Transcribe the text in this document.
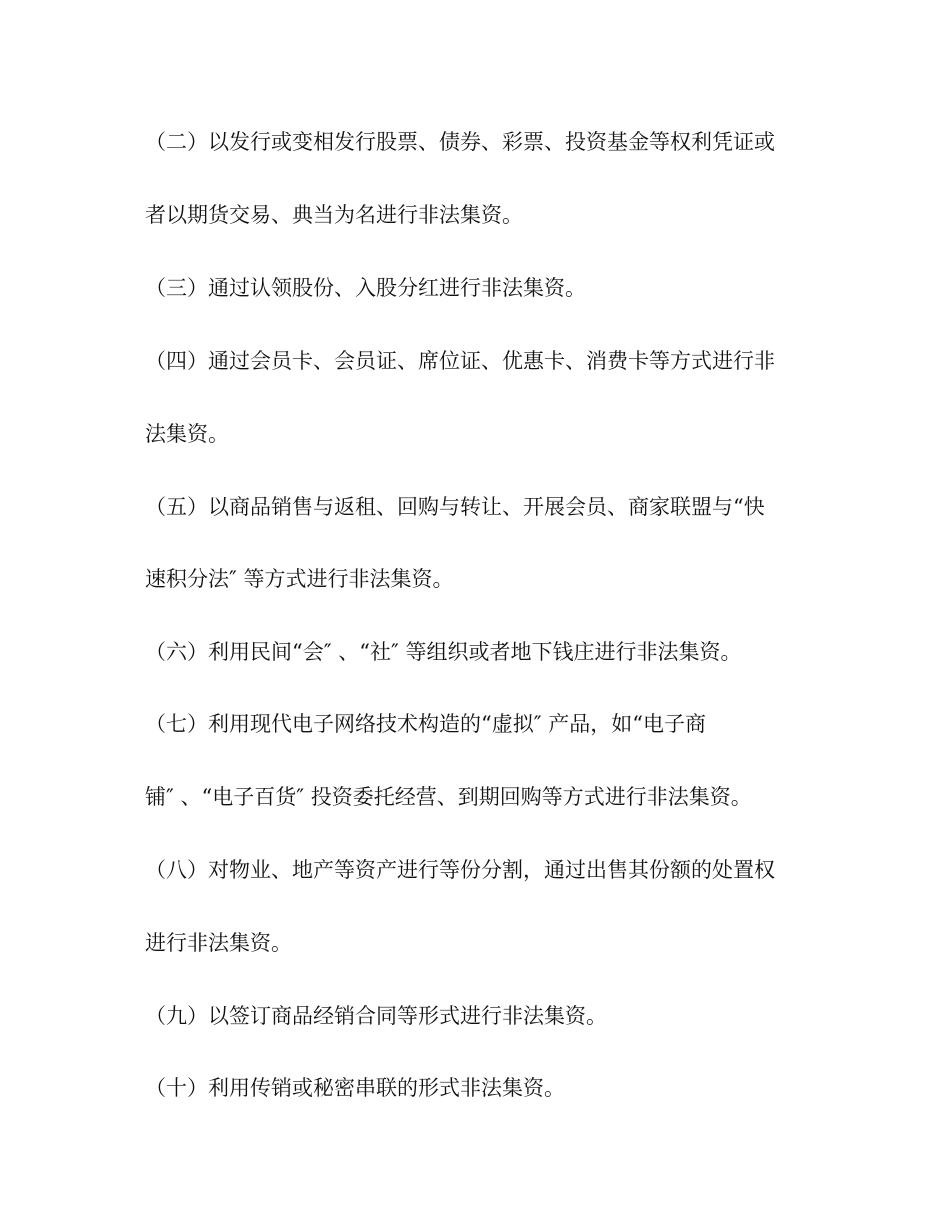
（二）以发行或变相发行股票、债券、彩票、投资基金等权利凭证或
者以期货交易、典当为名进行非法集资。
（三）通过认领股份、入股分红进行非法集资。
（四）通过会员卡、会员证、席位证、优惠卡、消费卡等方式进行非
法集资。
（五）以商品销售与返租、回购与转让、开展会员、商家联盟与“快
速积分法″ 等方式进行非法集资。
（六）利用民间“会″ 、“社″ 等组织或者地下钱庄进行非法集资。
（七）利用现代电子网络技术构造的“虚拟″ 产品，如“电子商
铺″ 、“电子百货″ 投资委托经营、到期回购等方式进行非法集资。
（八）对物业、地产等资产进行等份分割，通过出售其份额的处置权
进行非法集资。
（九）以签订商品经销合同等形式进行非法集资。
（十）利用传销或秘密串联的形式非法集资。
